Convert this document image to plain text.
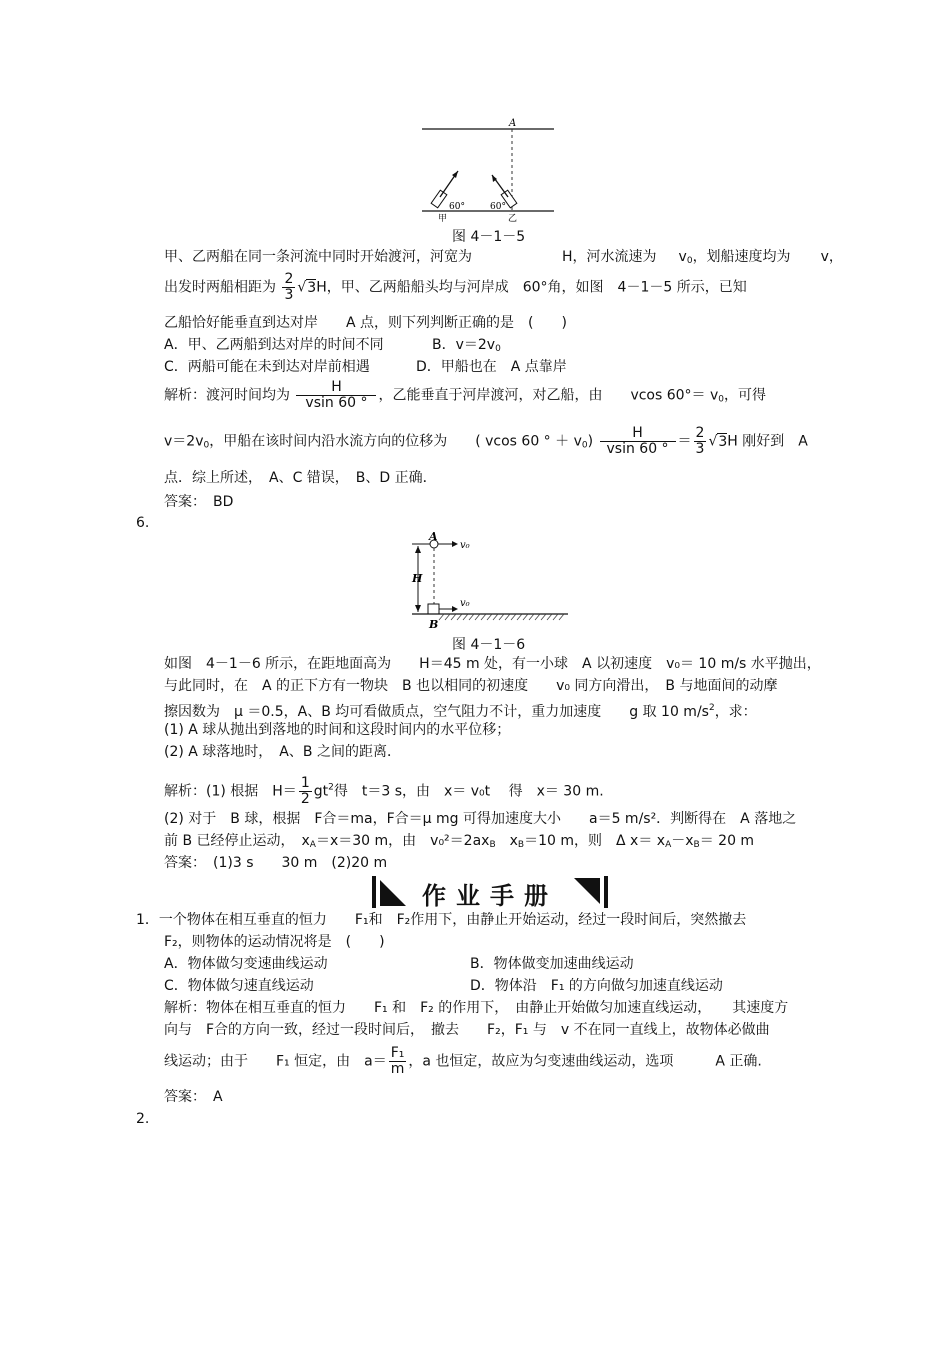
A
60°	60°
甲	乙
图 4－1－5
甲、乙两船在同一条河流中同时开始渡河，河宽为	H，河水流速为 $v_0$，划船速度均为 v，
出发时两船相距为 $\frac{2}{3} √3H$，甲、乙两船船头均与河岸成　60°角，如图　4－1－5 所示，已知
乙船恰好能垂直到达对岸　　A 点，则下列判断正确的是　(　　)
A．甲、乙两船到达对岸的时间不同	B．$v=2v_0$
C．两船可能在未到达对岸前相遇	D．甲船也在　A 点靠岸
解析：渡河时间均为 $\frac{H}{vsin 60 ^\circ}$ ，乙能垂直于河岸渡河，对乙船，由　　vcos $60^\circ= v_0$，可得
$v=2v_0$，甲船在该时间内沿水流方向的位移为　　( vcos 60 ° ＋ $v_0) \frac{H}{vsin 60 ^\circ} = \frac{2}{3} √3H$ 刚好到　A
点．综上所述，　A、C 错误，　B、D 正确．
答案：　BD
6.
H
A
v₀
v₀
B
图 4－1－6
如图　4－1－6 所示，在距地面高为　　H＝45 m 处，有一小球　A 以初速度　v₀＝ 10 m/s 水平抛出，
与此同时，在　A 的正下方有一物块　B 也以相同的初速度　　v₀ 同方向滑出，　B 与地面间的动摩
擦因数为　μ ＝0.5，A、B 均可看做质点，空气阻力不计，重力加速度　　g 取 10 $m/s^2$，求：
(1) A 球从抛出到落地的时间和这段时间内的水平位移；
(2) A 球落地时，　A、B 之间的距离．
解析：(1) 根据　$H= \frac{1}{2} gt^2$得　t＝3 s，由　x＝ v₀t　 得　x＝ 30 m.
(2) 对于　B 球，根据　F合＝ma，F合＝μ mg 可得加速度大小　　a＝5 m/s²．判断得在　A 落地之
前 B 已经停止运动，　$x_A=x=30$ m，由　$v_0^2=2ax_B$　$x_B=10$ m，则　Δ $x= x_A-x_B= 20$ m
答案：　(1)3 s　　30 m　(2)20 m
作业手册
1．一个物体在相互垂直的恒力　　F₁和　F₂作用下，由静止开始运动，经过一段时间后，突然撤去
F₂，则物体的运动情况将是　(　　)
A．物体做匀变速曲线运动	B．物体做变加速曲线运动
C．物体做匀速直线运动	D．物体沿　F₁ 的方向做匀加速直线运动
解析：物体在相互垂直的恒力　　F₁ 和　F₂ 的作用下，　由静止开始做匀加速直线运动，　　其速度方
向与　F合的方向一致，经过一段时间后，　撤去　　F₂，F₁ 与　v 不在同一直线上，故物体必做曲
线运动；由于　　F₁ 恒定，由　$a= \frac{\text{F₁}}{m}$ ，a 也恒定，故应为匀变速曲线运动，选项　　　A 正确.
答案：　A
2.
